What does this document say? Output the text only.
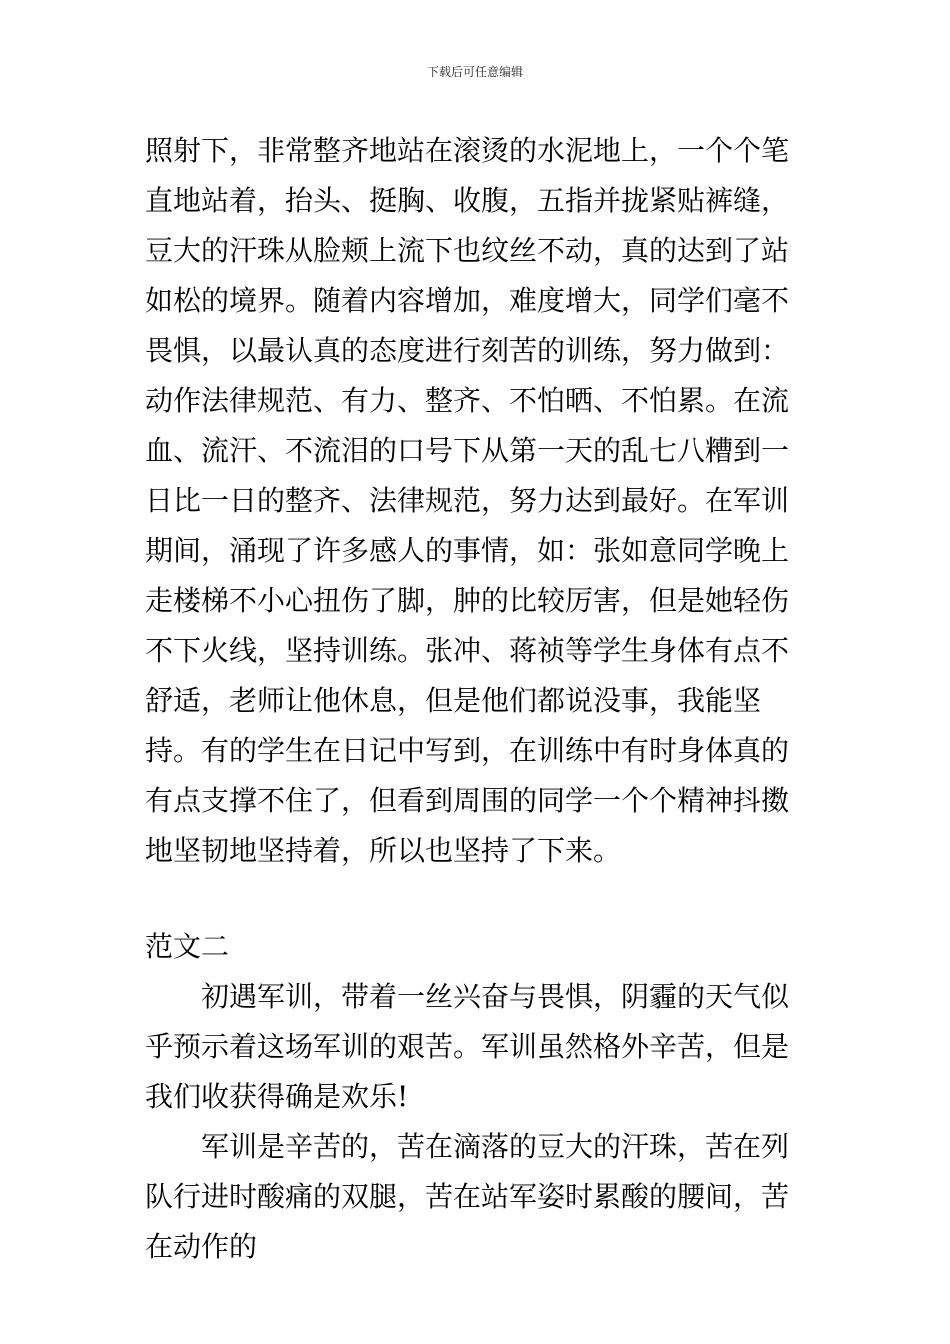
下载后可任意编辑

照射下，非常整齐地站在滚烫的水泥地上，一个个笔直地站着，抬头、挺胸、收腹，五指并拢紧贴裤缝，豆大的汗珠从脸颊上流下也纹丝不动，真的达到了站如松的境界。随着内容增加，难度增大，同学们毫不畏惧，以最认真的态度进行刻苦的训练，努力做到：动作法律规范、有力、整齐、不怕晒、不怕累。在流血、流汗、不流泪的口号下从第一天的乱七八糟到一日比一日的整齐、法律规范，努力达到最好。在军训期间，涌现了许多感人的事情，如：张如意同学晚上走楼梯不小心扭伤了脚，肿的比较厉害，但是她轻伤不下火线，坚持训练。张冲、蒋祯等学生身体有点不舒适，老师让他休息，但是他们都说没事，我能坚持。有的学生在日记中写到，在训练中有时身体真的有点支撑不住了，但看到周围的同学一个个精神抖擞地坚韧地坚持着，所以也坚持了下来。

范文二

初遇军训，带着一丝兴奋与畏惧，阴霾的天气似乎预示着这场军训的艰苦。军训虽然格外辛苦，但是我们收获得确是欢乐!

军训是辛苦的，苦在滴落的豆大的汗珠，苦在列队行进时酸痛的双腿，苦在站军姿时累酸的腰间，苦在动作的
